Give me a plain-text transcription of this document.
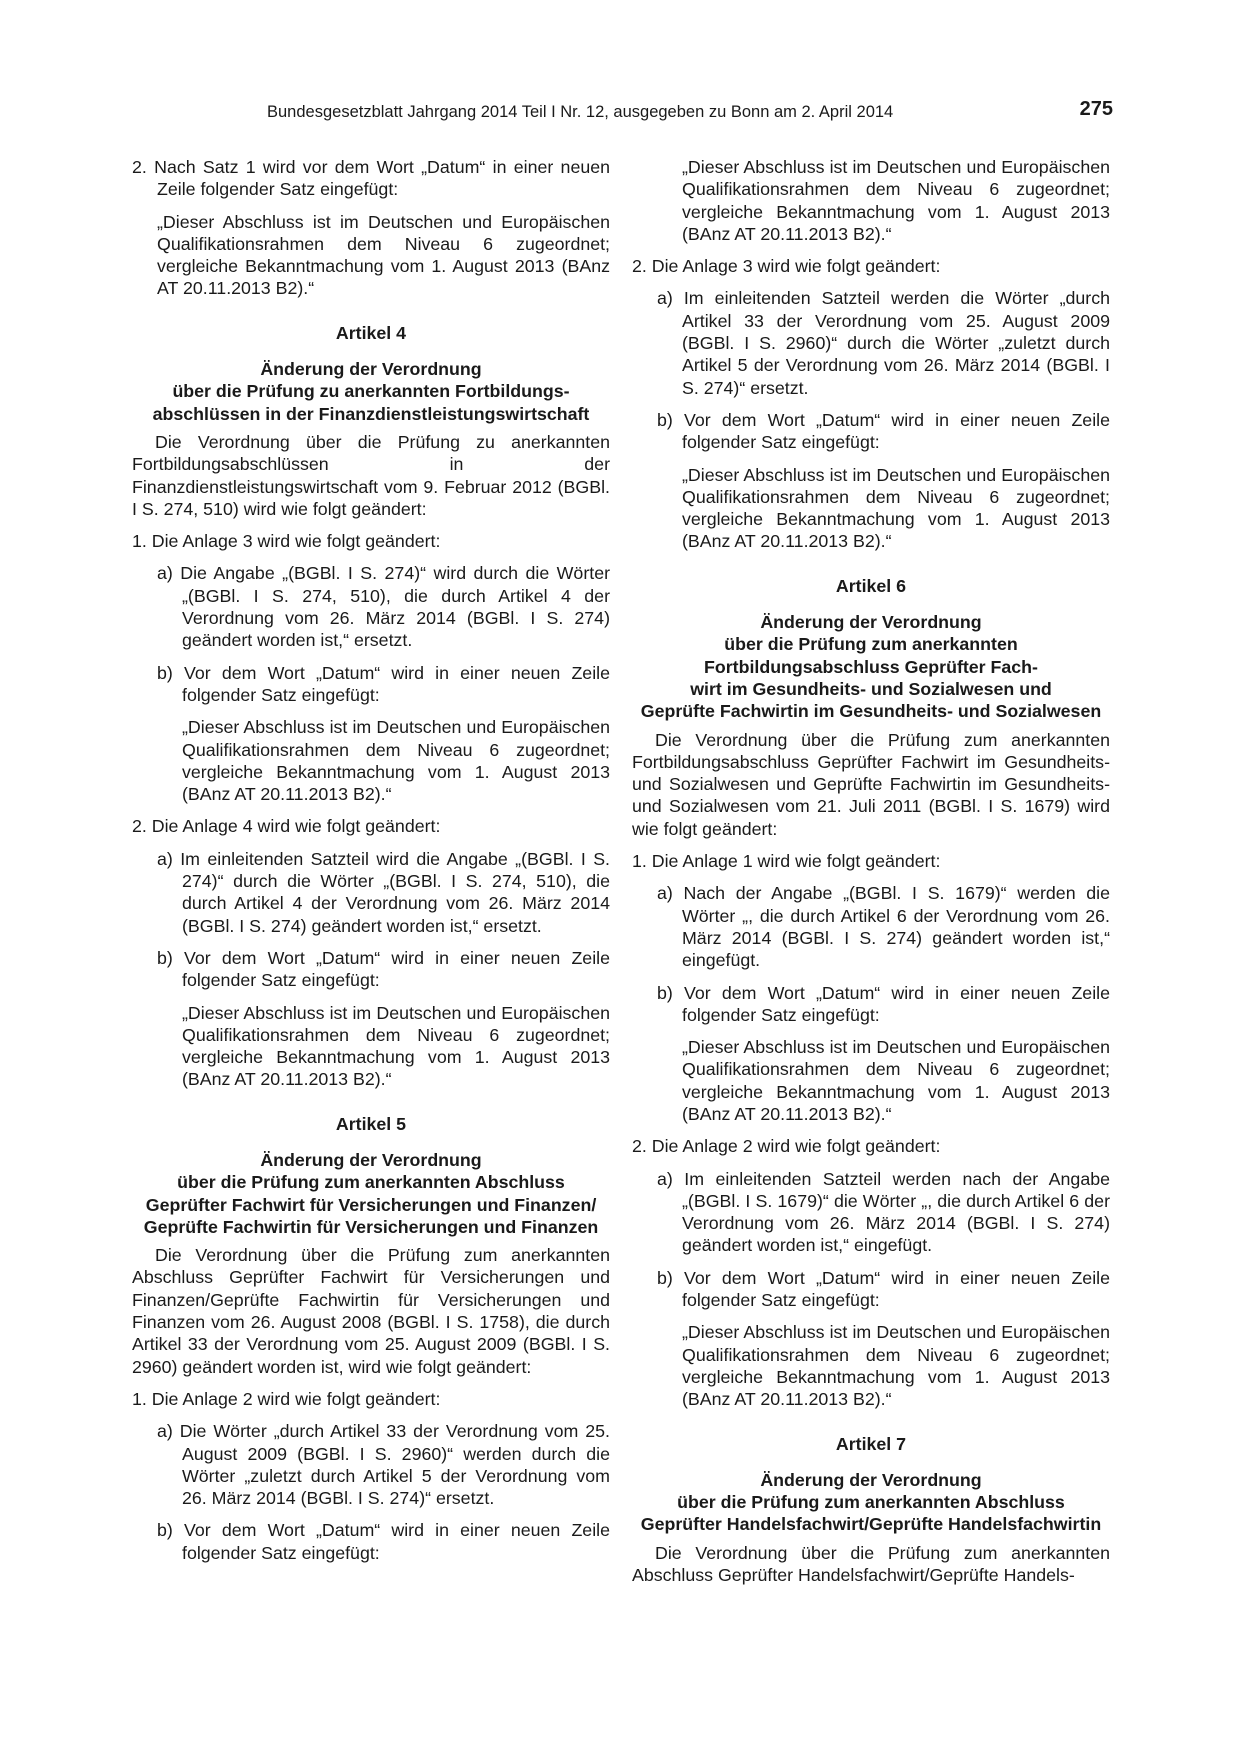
Bundesgesetzblatt Jahrgang 2014 Teil I Nr. 12, ausgegeben zu Bonn am 2. April 2014	275

2. Nach Satz 1 wird vor dem Wort „Datum“ in einer neuen Zeile folgender Satz eingefügt:

„Dieser Abschluss ist im Deutschen und Europäischen Qualifikationsrahmen dem Niveau 6 zugeordnet; vergleiche Bekanntmachung vom 1. August 2013 (BAnz AT 20.11.2013 B2).“

Artikel 4

Änderung der Verordnung
über die Prüfung zu anerkannten Fortbildungs-
abschlüssen in der Finanzdienstleistungswirtschaft

Die Verordnung über die Prüfung zu anerkannten Fortbildungsabschlüssen in der Finanzdienstleistungswirtschaft vom 9. Februar 2012 (BGBl. I S. 274, 510) wird wie folgt geändert:

1. Die Anlage 3 wird wie folgt geändert:

a) Die Angabe „(BGBl. I S. 274)“ wird durch die Wörter „(BGBl. I S. 274, 510), die durch Artikel 4 der Verordnung vom 26. März 2014 (BGBl. I S. 274) geändert worden ist,“ ersetzt.

b) Vor dem Wort „Datum“ wird in einer neuen Zeile folgender Satz eingefügt:

„Dieser Abschluss ist im Deutschen und Europäischen Qualifikationsrahmen dem Niveau 6 zugeordnet; vergleiche Bekanntmachung vom 1. August 2013 (BAnz AT 20.11.2013 B2).“

2. Die Anlage 4 wird wie folgt geändert:

a) Im einleitenden Satzteil wird die Angabe „(BGBl. I S. 274)“ durch die Wörter „(BGBl. I S. 274, 510), die durch Artikel 4 der Verordnung vom 26. März 2014 (BGBl. I S. 274) geändert worden ist,“ ersetzt.

b) Vor dem Wort „Datum“ wird in einer neuen Zeile folgender Satz eingefügt:

„Dieser Abschluss ist im Deutschen und Europäischen Qualifikationsrahmen dem Niveau 6 zugeordnet; vergleiche Bekanntmachung vom 1. August 2013 (BAnz AT 20.11.2013 B2).“

Artikel 5

Änderung der Verordnung
über die Prüfung zum anerkannten Abschluss
Geprüfter Fachwirt für Versicherungen und Finanzen/
Geprüfte Fachwirtin für Versicherungen und Finanzen

Die Verordnung über die Prüfung zum anerkannten Abschluss Geprüfter Fachwirt für Versicherungen und Finanzen/Geprüfte Fachwirtin für Versicherungen und Finanzen vom 26. August 2008 (BGBl. I S. 1758), die durch Artikel 33 der Verordnung vom 25. August 2009 (BGBl. I S. 2960) geändert worden ist, wird wie folgt geändert:

1. Die Anlage 2 wird wie folgt geändert:

a) Die Wörter „durch Artikel 33 der Verordnung vom 25. August 2009 (BGBl. I S. 2960)“ werden durch die Wörter „zuletzt durch Artikel 5 der Verordnung vom 26. März 2014 (BGBl. I S. 274)“ ersetzt.

b) Vor dem Wort „Datum“ wird in einer neuen Zeile folgender Satz eingefügt:

„Dieser Abschluss ist im Deutschen und Europäischen Qualifikationsrahmen dem Niveau 6 zugeordnet; vergleiche Bekanntmachung vom 1. August 2013 (BAnz AT 20.11.2013 B2).“

2. Die Anlage 3 wird wie folgt geändert:

a) Im einleitenden Satzteil werden die Wörter „durch Artikel 33 der Verordnung vom 25. August 2009 (BGBl. I S. 2960)“ durch die Wörter „zuletzt durch Artikel 5 der Verordnung vom 26. März 2014 (BGBl. I S. 274)“ ersetzt.

b) Vor dem Wort „Datum“ wird in einer neuen Zeile folgender Satz eingefügt:

„Dieser Abschluss ist im Deutschen und Europäischen Qualifikationsrahmen dem Niveau 6 zugeordnet; vergleiche Bekanntmachung vom 1. August 2013 (BAnz AT 20.11.2013 B2).“

Artikel 6

Änderung der Verordnung
über die Prüfung zum anerkannten
Fortbildungsabschluss Geprüfter Fach-
wirt im Gesundheits- und Sozialwesen und
Geprüfte Fachwirtin im Gesundheits- und Sozialwesen

Die Verordnung über die Prüfung zum anerkannten Fortbildungsabschluss Geprüfter Fachwirt im Gesundheits- und Sozialwesen und Geprüfte Fachwirtin im Gesundheits- und Sozialwesen vom 21. Juli 2011 (BGBl. I S. 1679) wird wie folgt geändert:

1. Die Anlage 1 wird wie folgt geändert:

a) Nach der Angabe „(BGBl. I S. 1679)“ werden die Wörter „, die durch Artikel 6 der Verordnung vom 26. März 2014 (BGBl. I S. 274) geändert worden ist,“ eingefügt.

b) Vor dem Wort „Datum“ wird in einer neuen Zeile folgender Satz eingefügt:

„Dieser Abschluss ist im Deutschen und Europäischen Qualifikationsrahmen dem Niveau 6 zugeordnet; vergleiche Bekanntmachung vom 1. August 2013 (BAnz AT 20.11.2013 B2).“

2. Die Anlage 2 wird wie folgt geändert:

a) Im einleitenden Satzteil werden nach der Angabe „(BGBl. I S. 1679)“ die Wörter „, die durch Artikel 6 der Verordnung vom 26. März 2014 (BGBl. I S. 274) geändert worden ist,“ eingefügt.

b) Vor dem Wort „Datum“ wird in einer neuen Zeile folgender Satz eingefügt:

„Dieser Abschluss ist im Deutschen und Europäischen Qualifikationsrahmen dem Niveau 6 zugeordnet; vergleiche Bekanntmachung vom 1. August 2013 (BAnz AT 20.11.2013 B2).“

Artikel 7

Änderung der Verordnung
über die Prüfung zum anerkannten Abschluss
Geprüfter Handelsfachwirt/Geprüfte Handelsfachwirtin

Die Verordnung über die Prüfung zum anerkannten Abschluss Geprüfter Handelsfachwirt/Geprüfte Handels-
